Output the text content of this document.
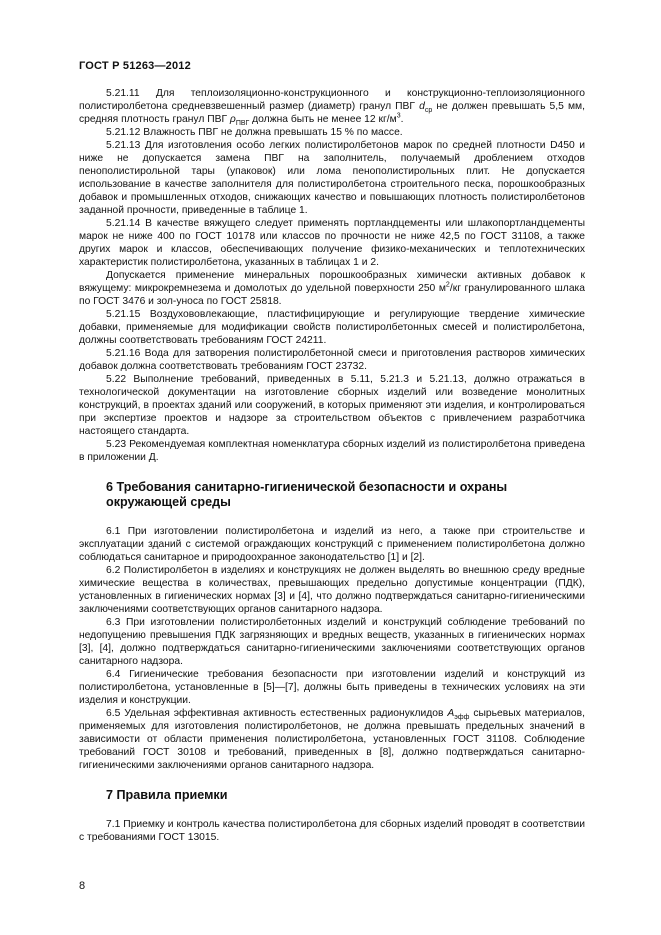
ГОСТ Р 51263—2012

5.21.11 Для теплоизоляционно-конструкционного и конструкционно-теплоизоляционного полистиролбетона средневзвешенный размер (диаметр) гранул ПВГ $d_{ср}$ не должен превышать 5,5 мм, средняя плотность гранул ПВГ $\rho_{ПВГ}$ должна быть не менее 12 $кг/м^3$.

5.21.12 Влажность ПВГ не должна превышать 15 % по массе.

5.21.13 Для изготовления особо легких полистиролбетонов марок по средней плотности D450 и ниже не допускается замена ПВГ на заполнитель, получаемый дроблением отходов пенополистирольной тары (упаковок) или лома пенополистирольных плит. Не допускается использование в качестве заполнителя для полистиролбетона строительного песка, порошкообразных добавок и промышленных отходов, снижающих качество и повышающих плотность полистиролбетонов заданной прочности, приведенные в таблице 1.

5.21.14 В качестве вяжущего следует применять портландцементы или шлакопортландцементы марок не ниже 400 по ГОСТ 10178 или классов по прочности не ниже 42,5 по ГОСТ 31108, а также других марок и классов, обеспечивающих получение физико-механических и теплотехнических характеристик полистиролбетона, указанных в таблицах 1 и 2.

Допускается применение минеральных порошкообразных химически активных добавок к вяжущему: микрокремнезема и домолотых до удельной поверхности 250 $м^2/кг$ гранулированного шлака по ГОСТ 3476 и зол-уноса по ГОСТ 25818.

5.21.15 Воздухововлекающие, пластифицирующие и регулирующие твердение химические добавки, применяемые для модификации свойств полистиролбетонных смесей и полистиролбетона, должны соответствовать требованиям ГОСТ 24211.

5.21.16 Вода для затворения полистиролбетонной смеси и приготовления растворов химических добавок должна соответствовать требованиям ГОСТ 23732.

5.22 Выполнение требований, приведенных в 5.11, 5.21.3 и 5.21.13, должно отражаться в технологической документации на изготовление сборных изделий или возведение монолитных конструкций, в проектах зданий или сооружений, в которых применяют эти изделия, и контролироваться при экспертизе проектов и надзоре за строительством объектов с привлечением разработчика настоящего стандарта.

5.23 Рекомендуемая комплектная номенклатура сборных изделий из полистиролбетона приведена в приложении Д.

6 Требования санитарно-гигиенической безопасности и охраны окружающей среды

6.1 При изготовлении полистиролбетона и изделий из него, а также при строительстве и эксплуатации зданий с системой ограждающих конструкций с применением полистиролбетона должно соблюдаться санитарное и природоохранное законодательство [1] и [2].

6.2 Полистиролбетон в изделиях и конструкциях не должен выделять во внешнюю среду вредные химические вещества в количествах, превышающих предельно допустимые концентрации (ПДК), установленных в гигиенических нормах [3] и [4], что должно подтверждаться санитарно-гигиеническими заключениями соответствующих органов санитарного надзора.

6.3 При изготовлении полистиролбетонных изделий и конструкций соблюдение требований по недопущению превышения ПДК загрязняющих и вредных веществ, указанных в гигиенических нормах [3], [4], должно подтверждаться санитарно-гигиеническими заключениями соответствующих органов санитарного надзора.

6.4 Гигиенические требования безопасности при изготовлении изделий и конструкций из полистиролбетона, установленные в [5]—[7], должны быть приведены в технических условиях на эти изделия и конструкции.

6.5 Удельная эффективная активность естественных радионуклидов $A_{эфф}$ сырьевых материалов, применяемых для изготовления полистиролбетонов, не должна превышать предельных значений в зависимости от области применения полистиролбетона, установленных ГОСТ 31108. Соблюдение требований ГОСТ 30108 и требований, приведенных в [8], должно подтверждаться санитарно-гигиеническими заключениями органов санитарного надзора.

7 Правила приемки

7.1 Приемку и контроль качества полистиролбетона для сборных изделий проводят в соответствии с требованиями ГОСТ 13015.

8
